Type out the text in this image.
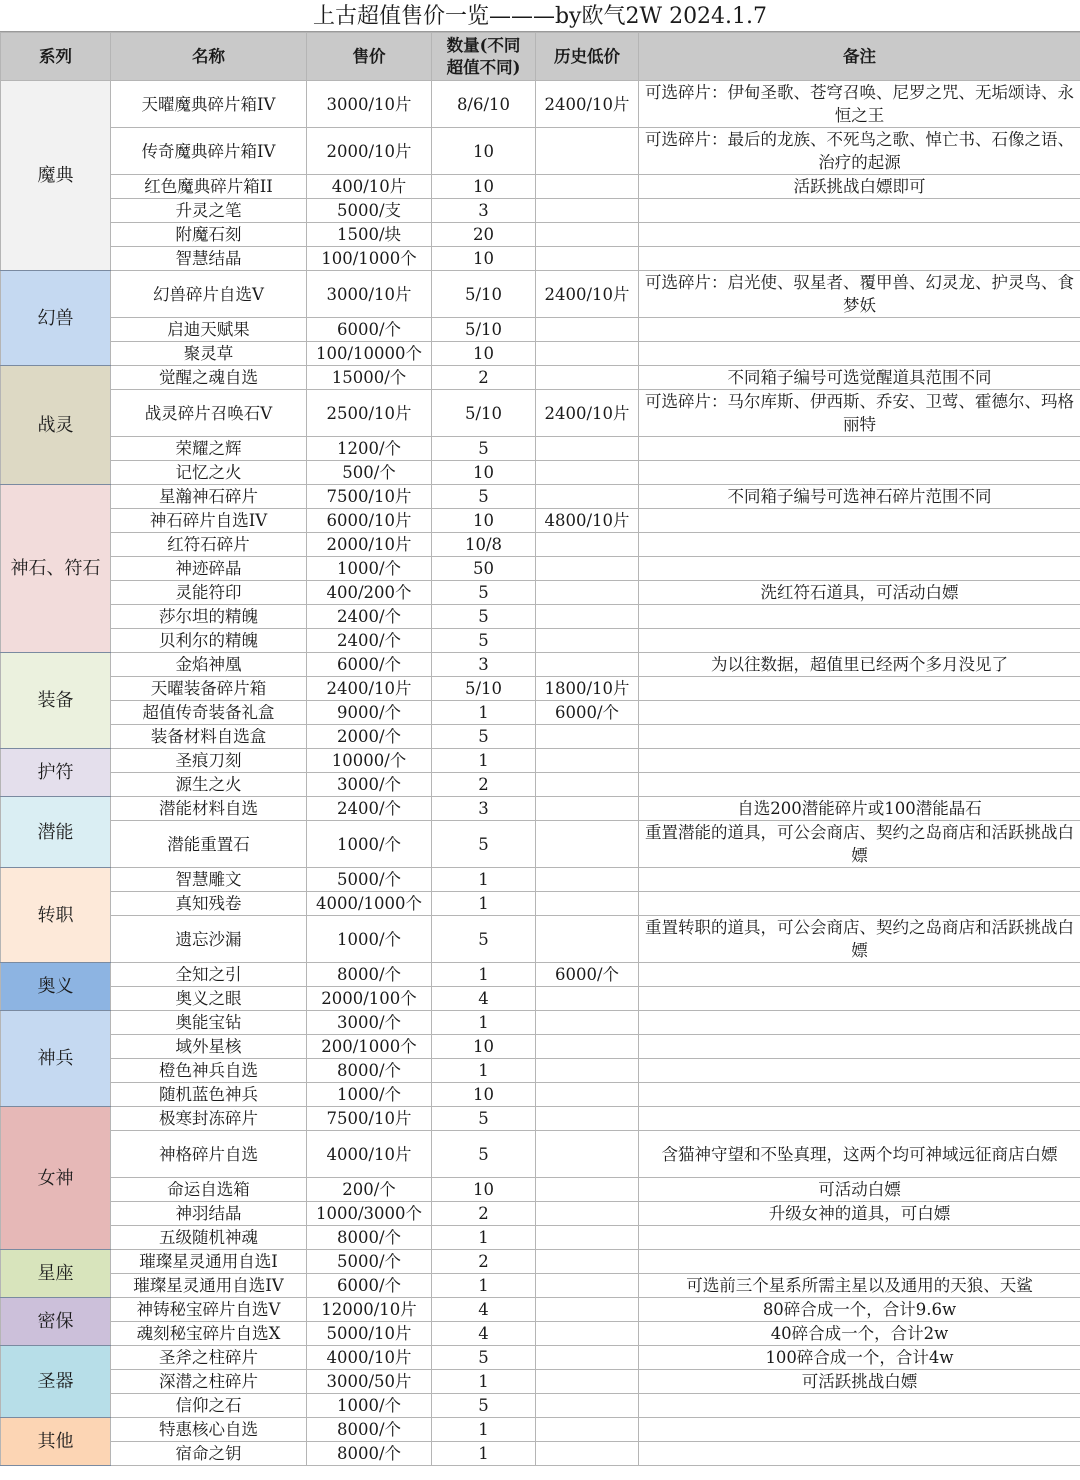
上古超值售价一览———by欧气2W 2024.1.7
系列	名称	售价	数量(不同
超值不同)	历史低价	备注
魔典	天曜魔典碎片箱IV	3000/10片	8/6/10	2400/10片	可选碎片：伊甸圣歌、苍穹召唤、尼罗之咒、无垢颂诗、永恒之王
	传奇魔典碎片箱IV	2000/10片	10		可选碎片：最后的龙族、不死鸟之歌、悼亡书、石像之语、治疗的起源
	红色魔典碎片箱II	400/10片	10		活跃挑战白嫖即可
	升灵之笔	5000/支	3		
	附魔石刻	1500/块	20		
	智慧结晶	100/1000个	10		
幻兽	幻兽碎片自选V	3000/10片	5/10	2400/10片	可选碎片：启光使、驭星者、覆甲兽、幻灵龙、护灵鸟、食梦妖
	启迪天赋果	6000/个	5/10		
	聚灵草	100/10000个	10		
战灵	觉醒之魂自选	15000/个	2		不同箱子编号可选觉醒道具范围不同
	战灵碎片召唤石V	2500/10片	5/10	2400/10片	可选碎片：马尔库斯、伊西斯、乔安、卫莺、霍德尔、玛格丽特
	荣耀之辉	1200/个	5		
	记忆之火	500/个	10		
神石、符石	星瀚神石碎片	7500/10片	5		不同箱子编号可选神石碎片范围不同
	神石碎片自选IV	6000/10片	10	4800/10片	
	红符石碎片	2000/10片	10/8		
	神迹碎晶	1000/个	50		
	灵能符印	400/200个	5		洗红符石道具，可活动白嫖
	莎尔坦的精魄	2400/个	5		
	贝利尔的精魄	2400/个	5		
装备	金焰神凰	6000/个	3		为以往数据，超值里已经两个多月没见了
	天曜装备碎片箱	2400/10片	5/10	1800/10片	
	超值传奇装备礼盒	9000/个	1	6000/个	
	装备材料自选盒	2000/个	5		
护符	圣痕刀刻	10000/个	1		
	源生之火	3000/个	2		
潜能	潜能材料自选	2400/个	3		自选200潜能碎片或100潜能晶石
	潜能重置石	1000/个	5		重置潜能的道具，可公会商店、契约之岛商店和活跃挑战白嫖
转职	智慧雕文	5000/个	1		
	真知残卷	4000/1000个	1		
	遗忘沙漏	1000/个	5		重置转职的道具，可公会商店、契约之岛商店和活跃挑战白嫖
奥义	全知之引	8000/个	1	6000/个	
	奥义之眼	2000/100个	4		
神兵	奥能宝钻	3000/个	1		
	域外星核	200/1000个	10		
	橙色神兵自选	8000/个	1		
	随机蓝色神兵	1000/个	10		
女神	极寒封冻碎片	7500/10片	5		
	神格碎片自选	4000/10片	5		含猫神守望和不坠真理，这两个均可神域远征商店白嫖
	命运自选箱	200/个	10		可活动白嫖
	神羽结晶	1000/3000个	2		升级女神的道具，可白嫖
	五级随机神魂	8000/个	1		
星座	璀璨星灵通用自选I	5000/个	2		
	璀璨星灵通用自选IV	6000/个	1		可选前三个星系所需主星以及通用的天狼、天鲨
密保	神铸秘宝碎片自选V	12000/10片	4		80碎合成一个，合计9.6w
	魂刻秘宝碎片自选X	5000/10片	4		40碎合成一个，合计2w
圣器	圣斧之柱碎片	4000/10片	5		100碎合成一个，合计4w
	深潜之柱碎片	3000/50片	1		可活跃挑战白嫖
	信仰之石	1000/个	5		
其他	特惠核心自选	8000/个	1		
	宿命之钥	8000/个	1		
